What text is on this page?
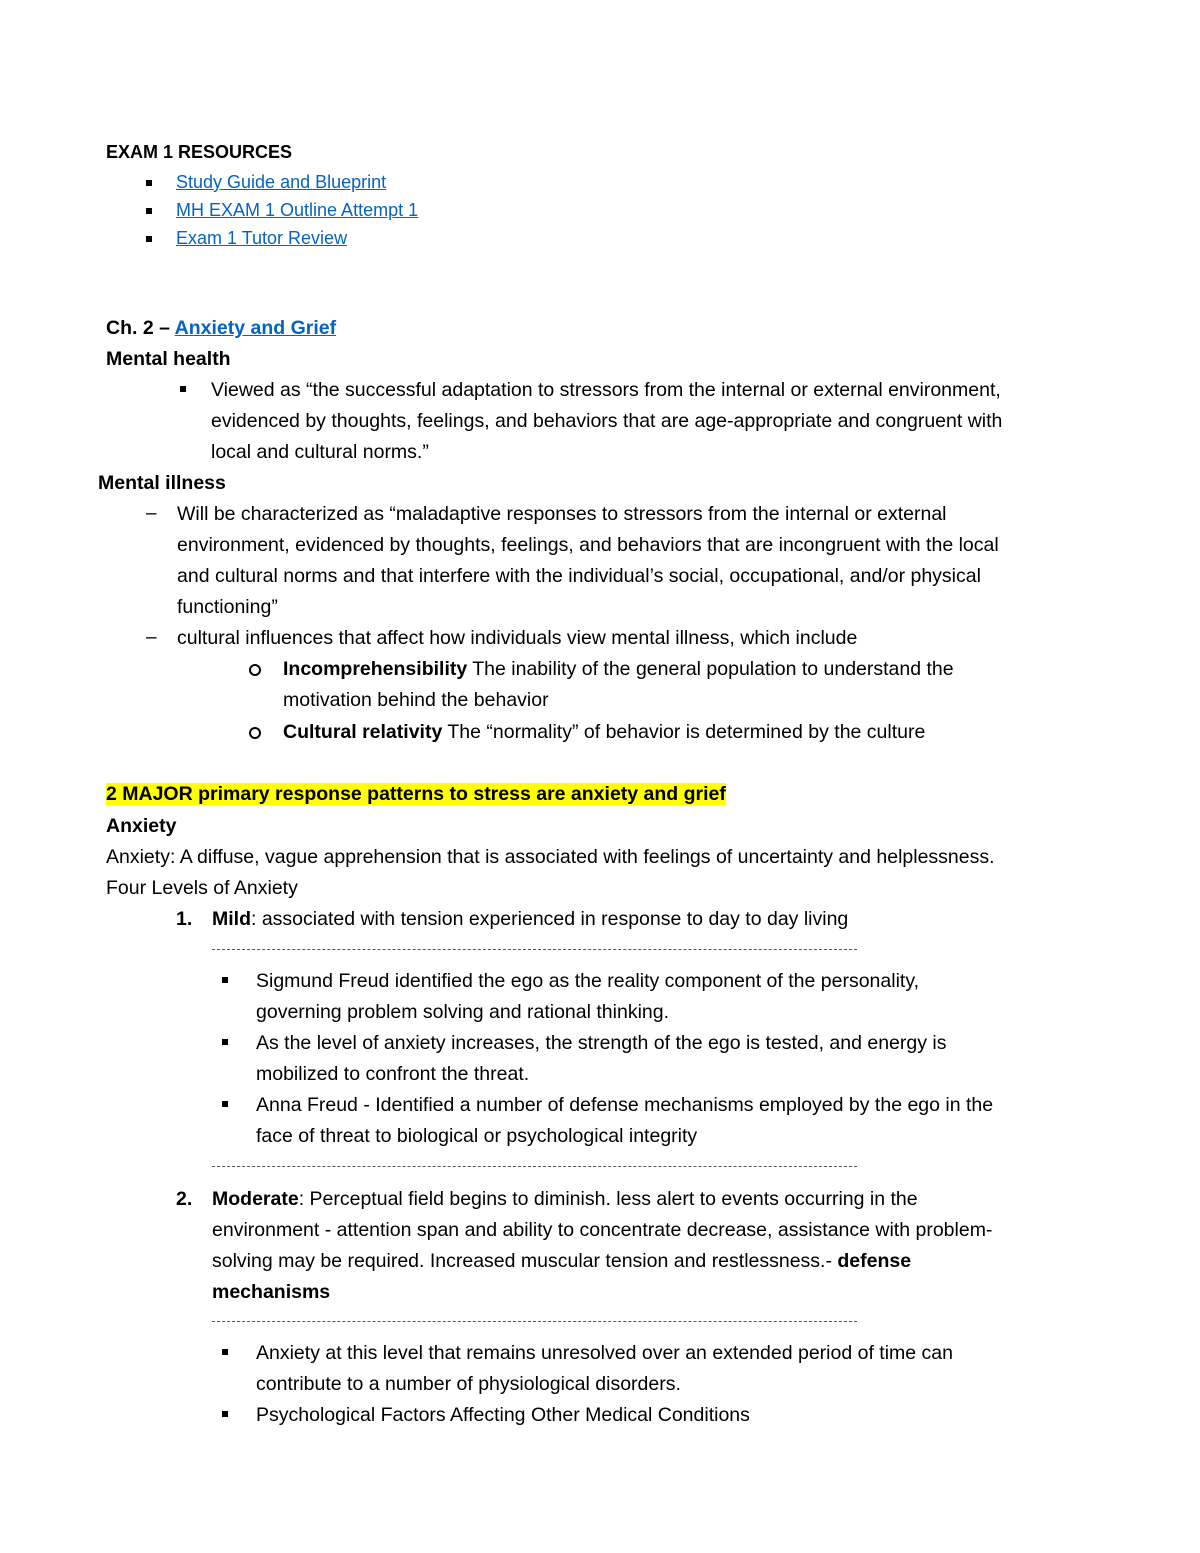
EXAM 1 RESOURCES
Study Guide and Blueprint
MH EXAM 1 Outline Attempt 1
Exam 1 Tutor Review
Ch. 2 – Anxiety and Grief
Mental health
Viewed as “the successful adaptation to stressors from the internal or external environment,
evidenced by thoughts, feelings, and behaviors that are age-appropriate and congruent with
local and cultural norms.”
Mental illness
– Will be characterized as “maladaptive responses to stressors from the internal or external
environment, evidenced by thoughts, feelings, and behaviors that are incongruent with the local
and cultural norms and that interfere with the individual’s social, occupational, and/or physical
functioning”
– cultural influences that affect how individuals view mental illness, which include
Incomprehensibility The inability of the general population to understand the
motivation behind the behavior
Cultural relativity The “normality” of behavior is determined by the culture
2 MAJOR primary response patterns to stress are anxiety and grief
Anxiety
Anxiety: A diffuse, vague apprehension that is associated with feelings of uncertainty and helplessness.
Four Levels of Anxiety
1. Mild: associated with tension experienced in response to day to day living
Sigmund Freud identified the ego as the reality component of the personality,
governing problem solving and rational thinking.
As the level of anxiety increases, the strength of the ego is tested, and energy is
mobilized to confront the threat.
Anna Freud - Identified a number of defense mechanisms employed by the ego in the
face of threat to biological or psychological integrity
2. Moderate: Perceptual field begins to diminish. less alert to events occurring in the
environment - attention span and ability to concentrate decrease, assistance with problem-
solving may be required. Increased muscular tension and restlessness.- defense
mechanisms
Anxiety at this level that remains unresolved over an extended period of time can
contribute to a number of physiological disorders.
Psychological Factors Affecting Other Medical Conditions
